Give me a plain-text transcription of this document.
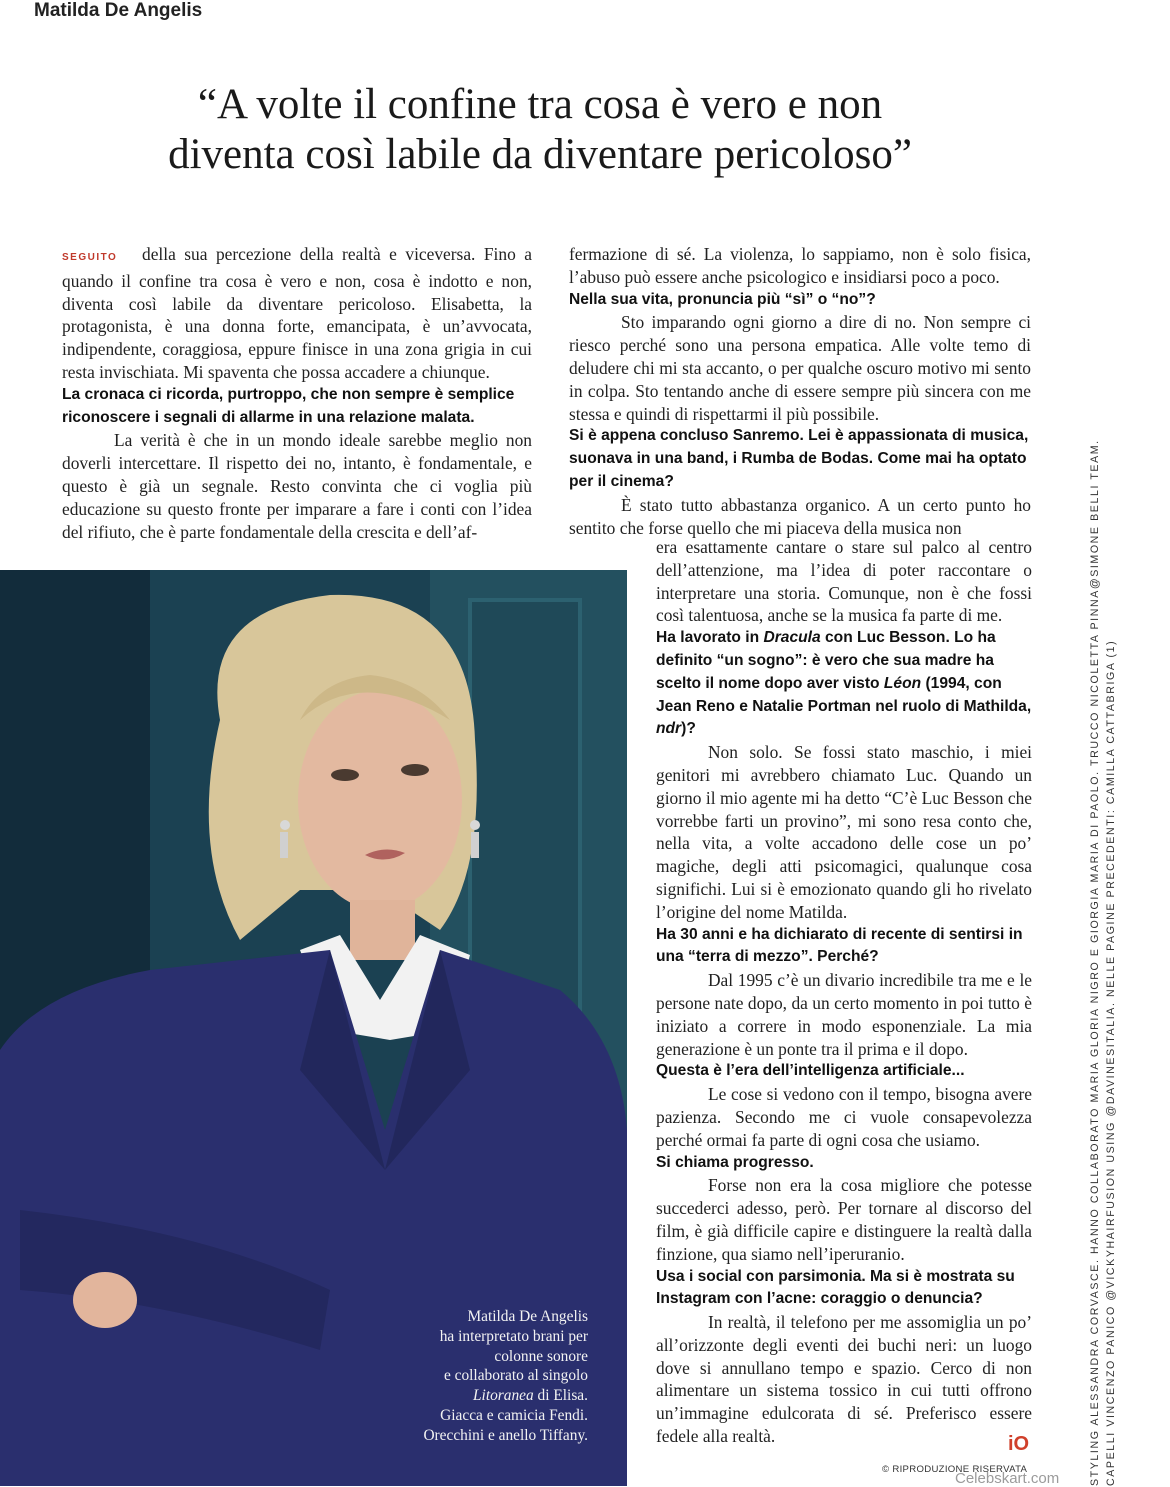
Matilda De Angelis
“A volte il confine tra cosa è vero e non
diventa così labile da diventare pericoloso”

SEGUITO della sua percezione della realtà e viceversa. Fino a quando il confine tra cosa è vero e non, cosa è indotto e non, diventa così labile da diventare pericoloso. Elisabetta, la protagonista, è una donna forte, emancipata, è un’avvocata, indipendente, coraggiosa, eppure finisce in una zona grigia in cui resta invischiata. Mi spaventa che possa accadere a chiunque.

La cronaca ci ricorda, purtroppo, che non sempre è semplice riconoscere i segnali di allarme in una relazione malata.

La verità è che in un mondo ideale sarebbe meglio non doverli intercettare. Il rispetto dei no, intanto, è fondamentale, e questo è già un segnale. Resto convinta che ci voglia più educazione su questo fronte per imparare a fare i conti con l’idea del rifiuto, che è parte fondamentale della crescita e dell’af-

fermazione di sé. La violenza, lo sappiamo, non è solo fisica, l’abuso può essere anche psicologico e insidiarsi poco a poco.

Nella sua vita, pronuncia più “sì” o “no”?

Sto imparando ogni giorno a dire di no. Non sempre ci riesco perché sono una persona empatica. Alle volte temo di deludere chi mi sta accanto, o per qualche oscuro motivo mi sento in colpa. Sto tentando anche di essere sempre più sincera con me stessa e quindi di rispettarmi il più possibile.

Si è appena concluso Sanremo. Lei è appassionata di musica, suonava in una band, i Rumba de Bodas. Come mai ha optato per il cinema?

È stato tutto abbastanza organico. A un certo punto ho sentito che forse quello che mi piaceva della musica non

era esattamente cantare o stare sul palco al centro dell’attenzione, ma l’idea di poter raccontare o interpretare una storia. Comunque, non è che fossi così talentuosa, anche se la musica fa parte di me.

Ha lavorato in Dracula con Luc Besson. Lo ha definito “un sogno”: è vero che sua madre ha scelto il nome dopo aver visto Léon (1994, con Jean Reno e Natalie Portman nel ruolo di Mathilda, ndr)?

Non solo. Se fossi stato maschio, i miei genitori mi avrebbero chiamato Luc. Quando un giorno il mio agente mi ha detto “C’è Luc Besson che vorrebbe farti un provino”, mi sono resa conto che, nella vita, a volte accadono delle cose un po’ magiche, degli atti psicomagici, qualunque cosa significhi. Lui si è emozionato quando gli ho rivelato l’origine del nome Matilda.

Ha 30 anni e ha dichiarato di recente di sentirsi in una “terra di mezzo”. Perché?

Dal 1995 c’è un divario incredibile tra me e le persone nate dopo, da un certo momento in poi tutto è iniziato a correre in modo esponenziale. La mia generazione è un ponte tra il prima e il dopo.

Questa è l’era dell’intelligenza artificiale...

Le cose si vedono con il tempo, bisogna avere pazienza. Secondo me ci vuole consapevolezza perché ormai fa parte di ogni cosa che usiamo.

Si chiama progresso.

Forse non era la cosa migliore che potesse succederci adesso, però. Per tornare al discorso del film, è già difficile capire e distinguere la realtà dalla finzione, qua siamo nell’iperuranio.

Usa i social con parsimonia. Ma si è mostrata su Instagram con l’acne: coraggio o denuncia?

In realtà, il telefono per me assomiglia un po’ all’orizzonte degli eventi dei buchi neri: un luogo dove si annullano tempo e spazio. Cerco di non alimentare un sistema tossico in cui tutti offrono un’immagine edulcorata di sé. Preferisco essere fedele alla realtà.

Matilda De Angelis

ha interpretato brani per

colonne sonore

e collaborato al singolo

Litoranea di Elisa.

Giacca e camicia Fendi.

Orecchini e anello Tiffany.	iO
© RIPRODUZIONE RISERVATA
Celebskart.com	STYLING ALESSANDRA CORVASCE. HANNO COLLABORATO MARIA GLORIA NIGRO E GIORGIA MARIA DI PAOLO. TRUCCO NICOLETTA PINNA@SIMONE BELLI TEAM. CAPELLI VINCENZO PANICO @VICKYHAIRFUSION USING @DAVINESITALIA. NELLE PAGINE PRECEDENTI: CAMILLA CATTABRIGA (1)
